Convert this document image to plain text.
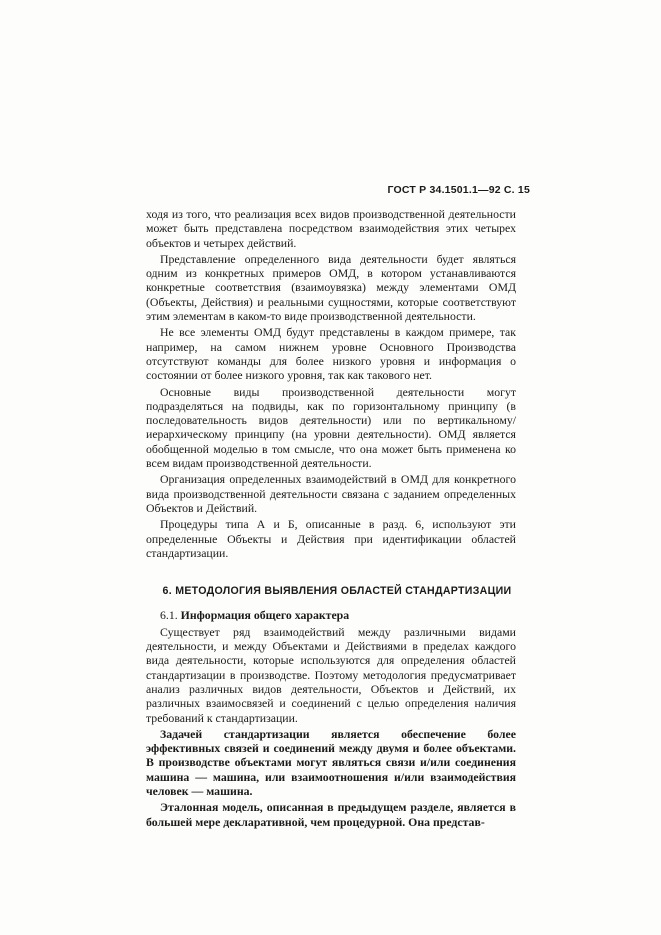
ГОСТ Р 34.1501.1—92 С. 15

ходя из того, что реализация всех видов производственной деятельности может быть представлена посредством взаимодействия этих четырех объектов и четырех действий.

Представление определенного вида деятельности будет являться одним из конкретных примеров ОМД, в котором устанавливаются конкретные соответствия (взаимоувязка) между элементами ОМД (Объекты, Действия) и реальными сущностями, которые соответствуют этим элементам в каком-то виде производственной деятельности.

Не все элементы ОМД будут представлены в каждом примере, так например, на самом нижнем уровне Основного Производства отсутствуют команды для более низкого уровня и информация о состоянии от более низкого уровня, так как такового нет.

Основные виды производственной деятельности могут подразделяться на подвиды, как по горизонтальному принципу (в последовательность видов деятельности) или по вертикальному/иерархическому принципу (на уровни деятельности). ОМД является обобщенной моделью в том смысле, что она может быть применена ко всем видам производственной деятельности.

Организация определенных взаимодействий в ОМД для конкретного вида производственной деятельности связана с заданием определенных Объектов и Действий.

Процедуры типа А и Б, описанные в разд. 6, используют эти определенные Объекты и Действия при идентификации областей стандартизации.

6. МЕТОДОЛОГИЯ ВЫЯВЛЕНИЯ ОБЛАСТЕЙ СТАНДАРТИЗАЦИИ

6.1. Информация общего характера

Существует ряд взаимодействий между различными видами деятельности, и между Объектами и Действиями в пределах каждого вида деятельности, которые используются для определения областей стандартизации в производстве. Поэтому методология предусматривает анализ различных видов деятельности, Объектов и Действий, их различных взаимосвязей и соединений с целью определения наличия требований к стандартизации.

Задачей стандартизации является обеспечение более эффективных связей и соединений между двумя и более объектами. В производстве объектами могут являться связи и/или соединения машина — машина, или взаимоотношения и/или взаимодействия человек — машина.

Эталонная модель, описанная в предыдущем разделе, является в большей мере декларативной, чем процедурной. Она представ-
